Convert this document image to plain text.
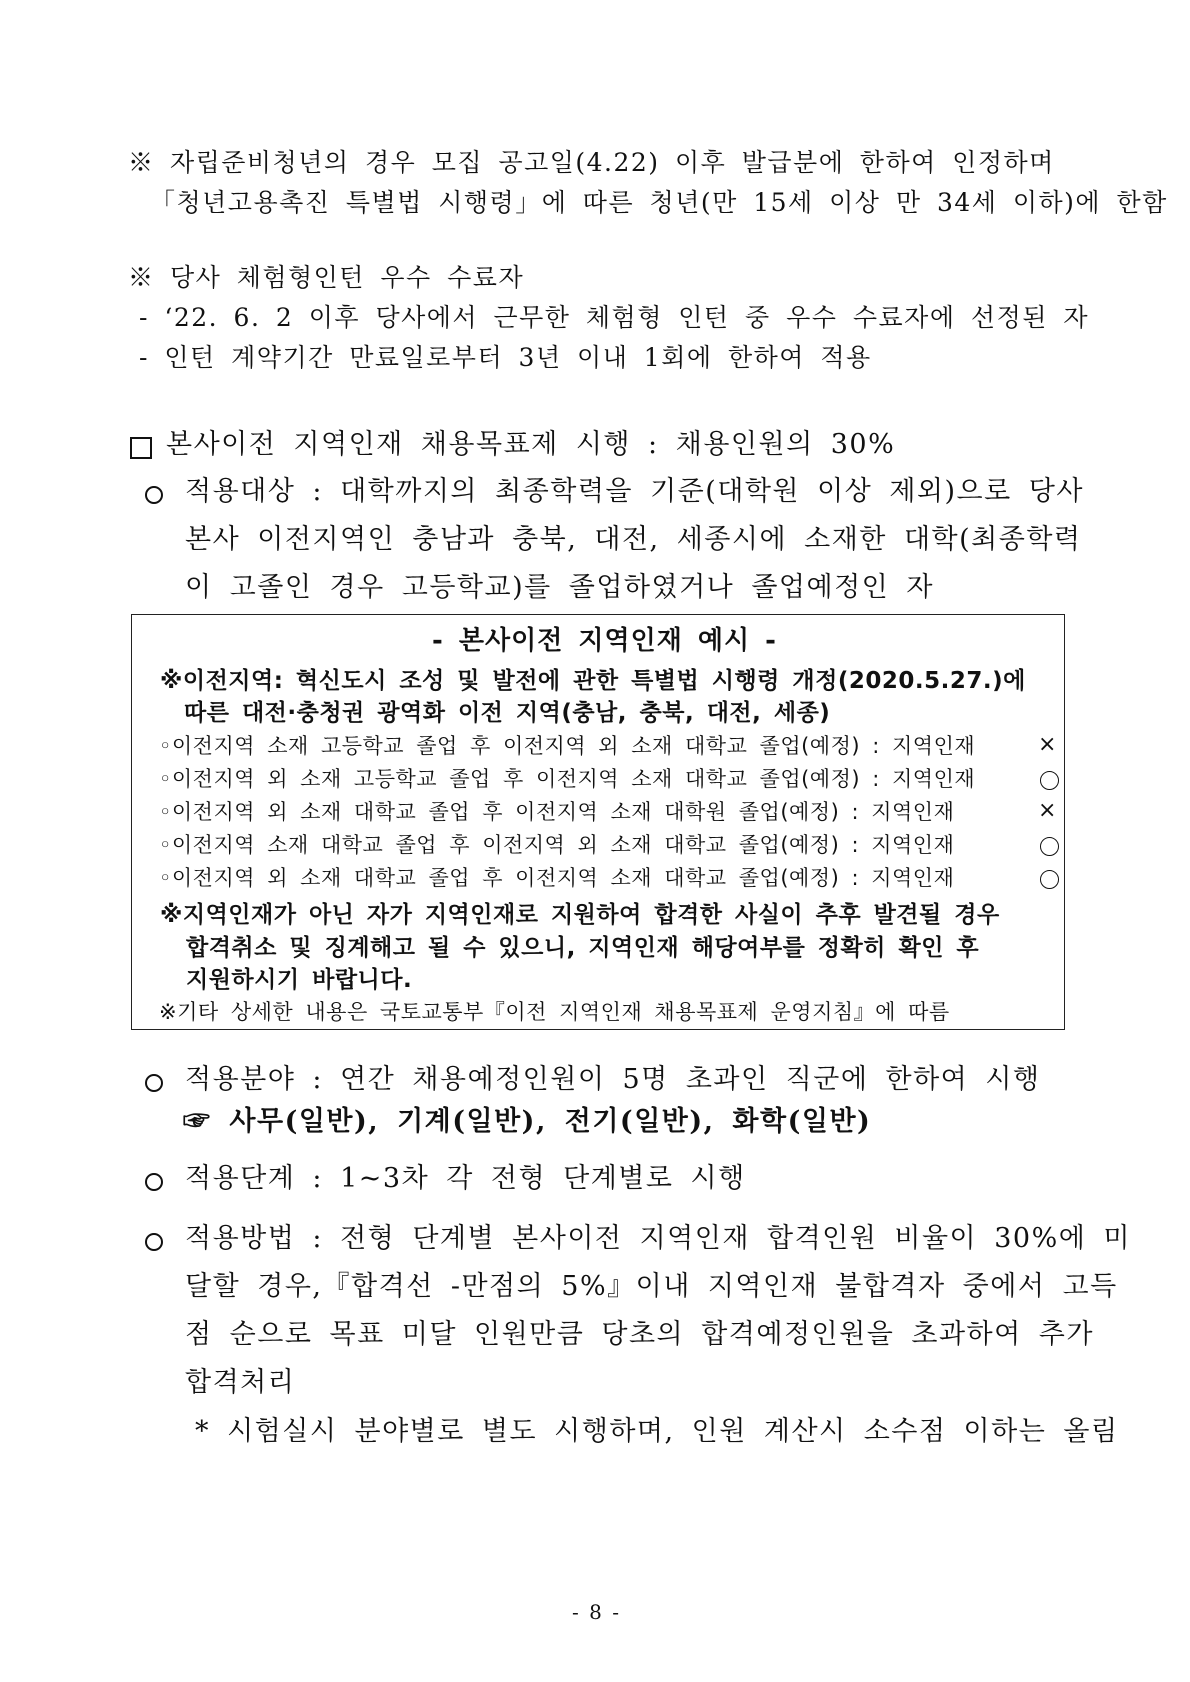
※ 자립준비청년의 경우 모집 공고일(4.22) 이후 발급분에 한하여 인정하며
「청년고용촉진 특별법 시행령」에 따른 청년(만 15세 이상 만 34세 이하)에 한함
※ 당사 체험형인턴 우수 수료자
- ‘22. 6. 2 이후 당사에서 근무한 체험형 인턴 중 우수 수료자에 선정된 자
- 인턴 계약기간 만료일로부터 3년 이내 1회에 한하여 적용
본사이전 지역인재 채용목표제 시행 : 채용인원의 30%
적용대상 : 대학까지의 최종학력을 기준(대학원 이상 제외)으로 당사
본사 이전지역인 충남과 충북, 대전, 세종시에 소재한 대학(최종학력
이 고졸인 경우 고등학교)를 졸업하였거나 졸업예정인 자
- 본사이전 지역인재 예시 -
※이전지역: 혁신도시 조성 및 발전에 관한 특별법 시행령 개정(2020.5.27.)에
따른 대전·충청권 광역화 이전 지역(충남, 충북, 대전, 세종)
◦이전지역 소재 고등학교 졸업 후 이전지역 외 소재 대학교 졸업(예정) : 지역인재	×
◦이전지역 외 소재 고등학교 졸업 후 이전지역 소재 대학교 졸업(예정) : 지역인재
◦이전지역 외 소재 대학교 졸업 후 이전지역 소재 대학원 졸업(예정) : 지역인재	×
◦이전지역 소재 대학교 졸업 후 이전지역 외 소재 대학교 졸업(예정) : 지역인재
◦이전지역 외 소재 대학교 졸업 후 이전지역 소재 대학교 졸업(예정) : 지역인재
※지역인재가 아닌 자가 지역인재로 지원하여 합격한 사실이 추후 발견될 경우
합격취소 및 징계해고 될 수 있으니, 지역인재 해당여부를 정확히 확인 후
지원하시기 바랍니다.
※기타 상세한 내용은 국토교통부『이전 지역인재 채용목표제 운영지침』에 따름
적용분야 : 연간 채용예정인원이 5명 초과인 직군에 한하여 시행
☞ 사무(일반), 기계(일반), 전기(일반), 화학(일반)
적용단계 : 1~3차 각 전형 단계별로 시행
적용방법 : 전형 단계별 본사이전 지역인재 합격인원 비율이 30%에 미
달할 경우,『합격선 -만점의 5%』이내 지역인재 불합격자 중에서 고득
점 순으로 목표 미달 인원만큼 당초의 합격예정인원을 초과하여 추가
합격처리
* 시험실시 분야별로 별도 시행하며, 인원 계산시 소수점 이하는 올림
- 8 -
